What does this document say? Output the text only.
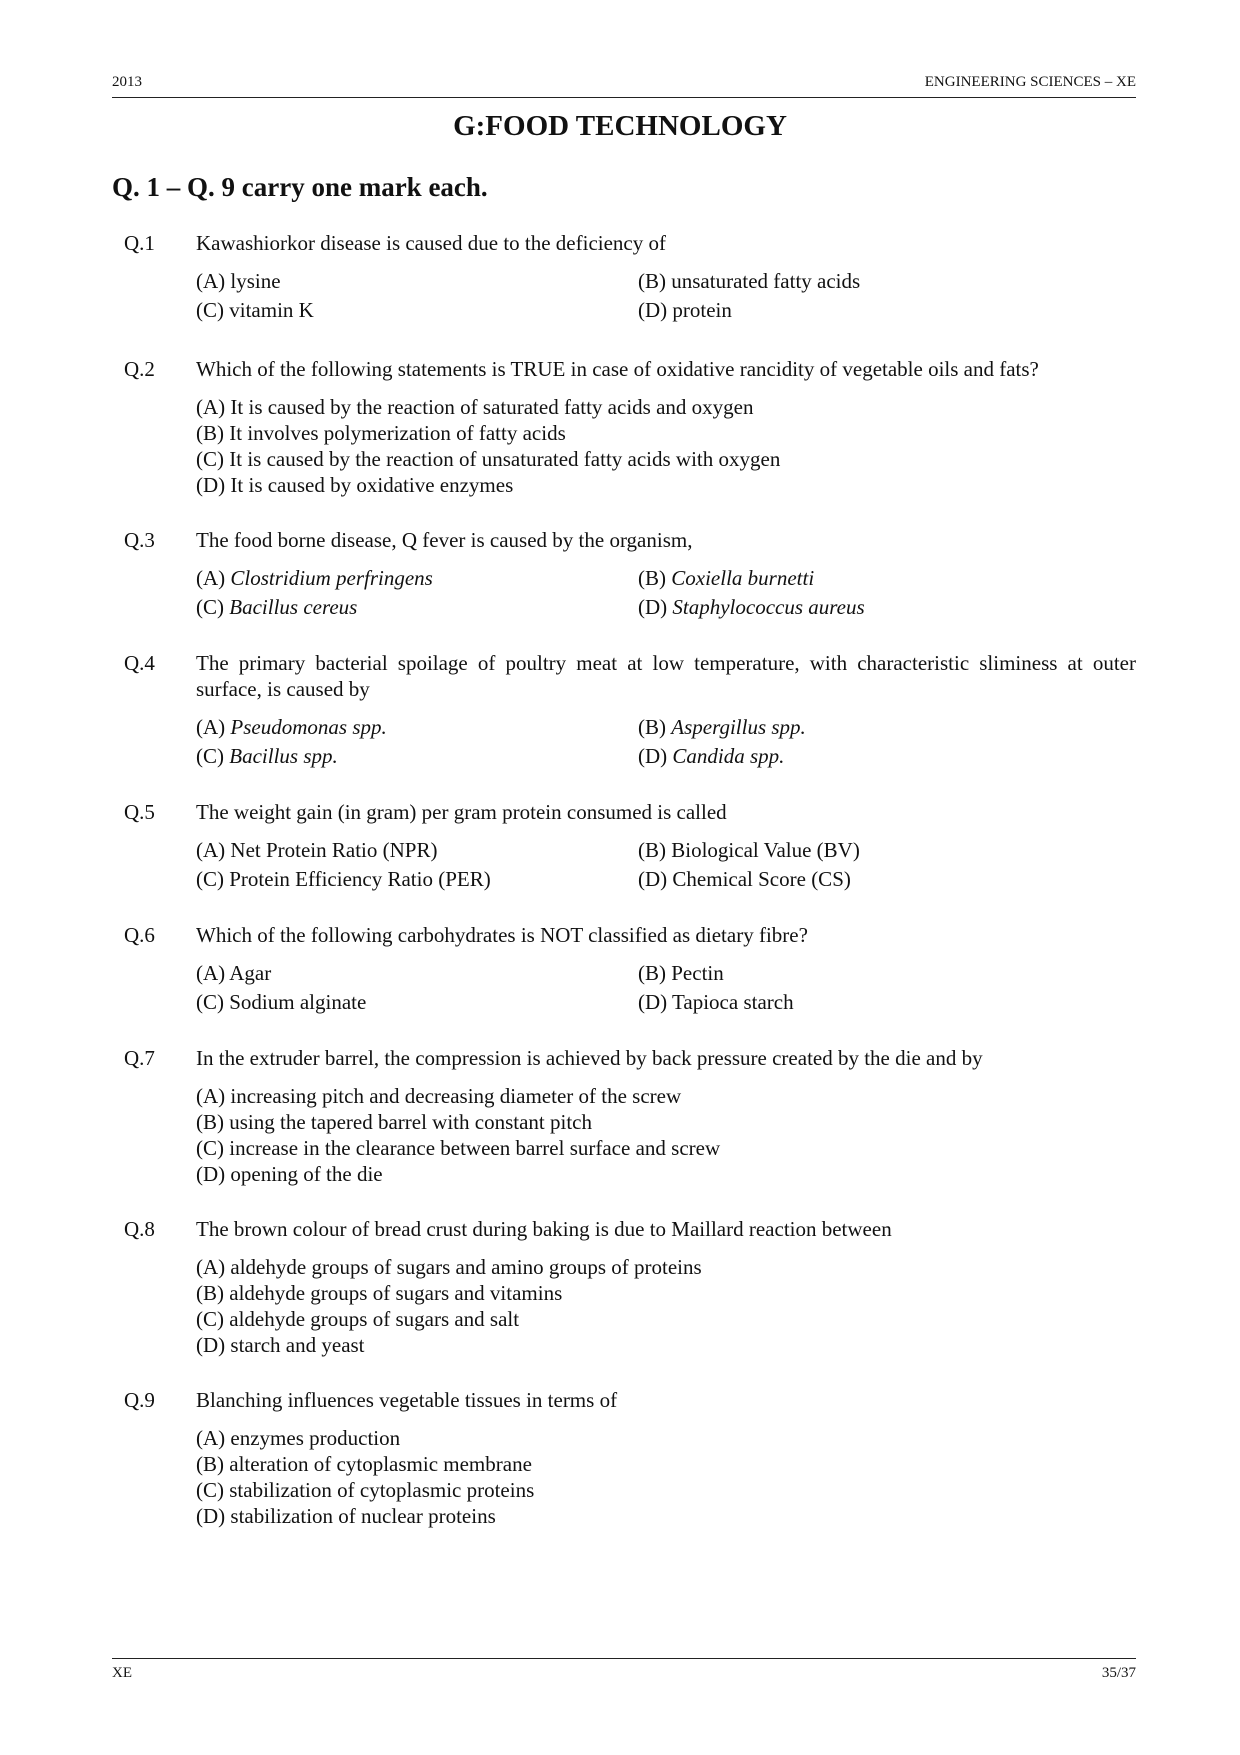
2013	ENGINEERING SCIENCES – XE
G:FOOD TECHNOLOGY
Q. 1 – Q. 9 carry one mark each.
Q.1 Kawashiorkor disease is caused due to the deficiency of
(A) lysine	(B) unsaturated fatty acids
(C) vitamin K	(D) protein
Q.2 Which of the following statements is TRUE in case of oxidative rancidity of vegetable oils and fats?
(A) It is caused by the reaction of saturated fatty acids and oxygen
(B) It involves polymerization of fatty acids
(C) It is caused by the reaction of unsaturated fatty acids with oxygen
(D) It is caused by oxidative enzymes
Q.3 The food borne disease, Q fever is caused by the organism,
(A) Clostridium perfringens	(B) Coxiella burnetti
(C) Bacillus cereus	(D) Staphylococcus aureus
Q.4 The primary bacterial spoilage of poultry meat at low temperature, with characteristic sliminess at outer surface, is caused by
(A) Pseudomonas spp.	(B) Aspergillus spp.
(C) Bacillus spp.	(D) Candida spp.
Q.5 The weight gain (in gram) per gram protein consumed is called
(A) Net Protein Ratio (NPR)	(B) Biological Value (BV)
(C) Protein Efficiency Ratio (PER)	(D) Chemical Score (CS)
Q.6 Which of the following carbohydrates is NOT classified as dietary fibre?
(A) Agar	(B) Pectin
(C) Sodium alginate	(D) Tapioca starch
Q.7 In the extruder barrel, the compression is achieved by back pressure created by the die and by
(A) increasing pitch and decreasing diameter of the screw
(B) using the tapered barrel with constant pitch
(C) increase in the clearance between barrel surface and screw
(D) opening of the die
Q.8 The brown colour of bread crust during baking is due to Maillard reaction between
(A) aldehyde groups of sugars and amino groups of proteins
(B) aldehyde groups of sugars and vitamins
(C) aldehyde groups of sugars and salt
(D) starch and yeast
Q.9 Blanching influences vegetable tissues in terms of
(A) enzymes production
(B) alteration of cytoplasmic membrane
(C) stabilization of cytoplasmic proteins
(D) stabilization of nuclear proteins
XE	35/37
